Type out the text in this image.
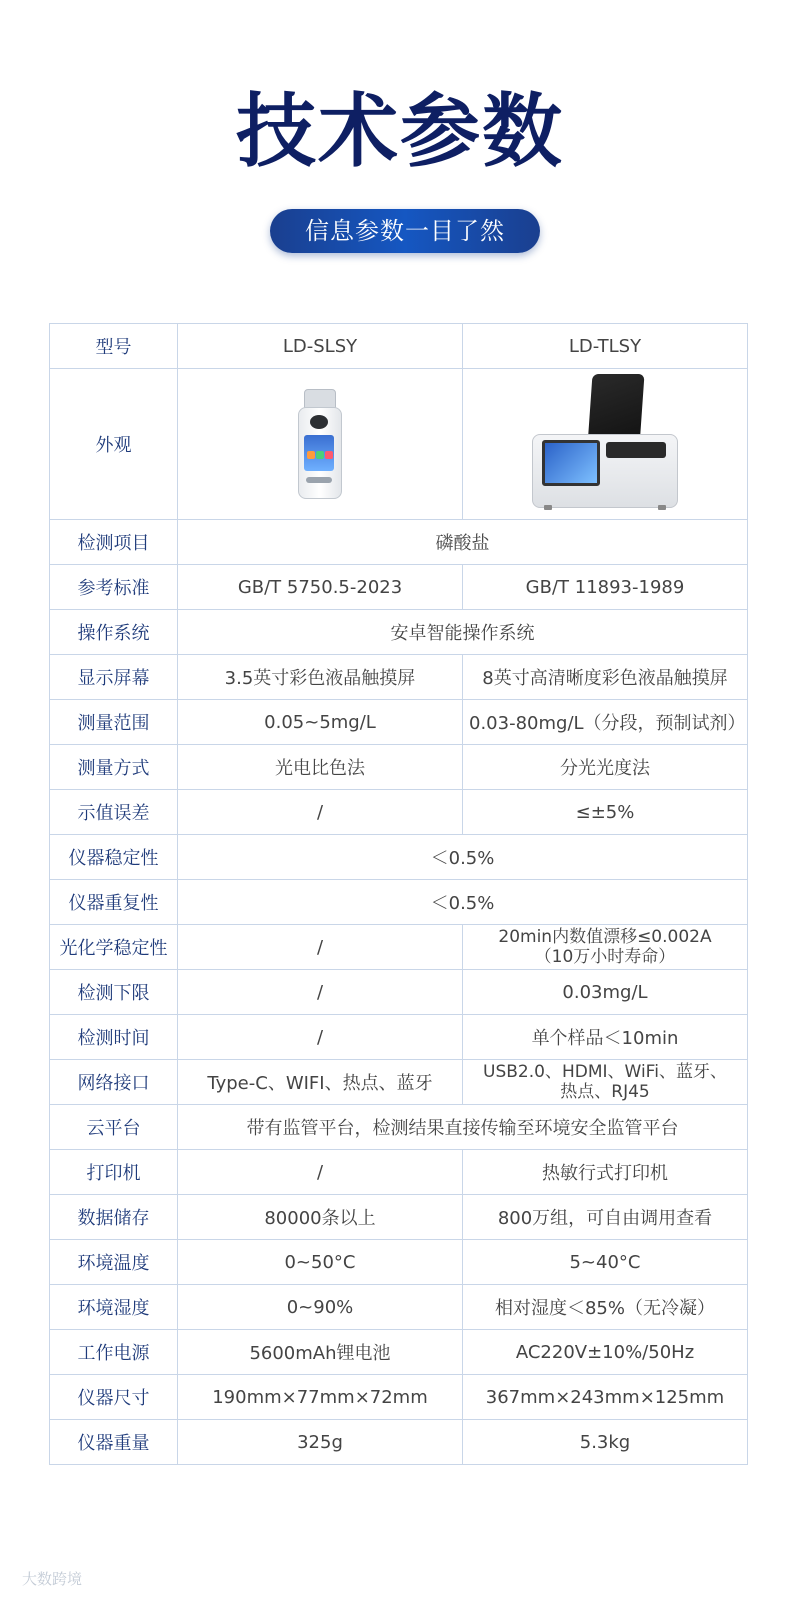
技术参数
信息参数一目了然
型号	LD-SLSY	LD-TLSY
外观	

检测项目	磷酸盐	
参考标准	GB/T 5750.5-2023	GB/T 11893-1989
操作系统	安卓智能操作系统	
显示屏幕	3.5英寸彩色液晶触摸屏	8英寸高清晰度彩色液晶触摸屏
测量范围	0.05~5mg/L	0.03-80mg/L（分段，预制试剂）
测量方式	光电比色法	分光光度法
示值误差	/	≤±5%
仪器稳定性	＜0.5%	
仪器重复性	＜0.5%	
光化学稳定性	/	20min内数值漂移≤0.002A
（10万小时寿命）

检测下限	/	0.03mg/L
检测时间	/	单个样品＜10min
网络接口	Type-C、WIFI、热点、蓝牙	USB2.0、HDMI、WiFi、蓝牙、
热点、RJ45

云平台	带有监管平台，检测结果直接传输至环境安全监管平台	
打印机	/	热敏行式打印机
数据储存	80000条以上	800万组，可自由调用查看
环境温度	0~50°C	5~40°C
环境湿度	0~90%	相对湿度＜85%（无冷凝）
工作电源	5600mAh锂电池	AC220V±10%/50Hz
仪器尺寸	190mm×77mm×72mm	367mm×243mm×125mm
仪器重量	325g	5.3kg
大数跨境
